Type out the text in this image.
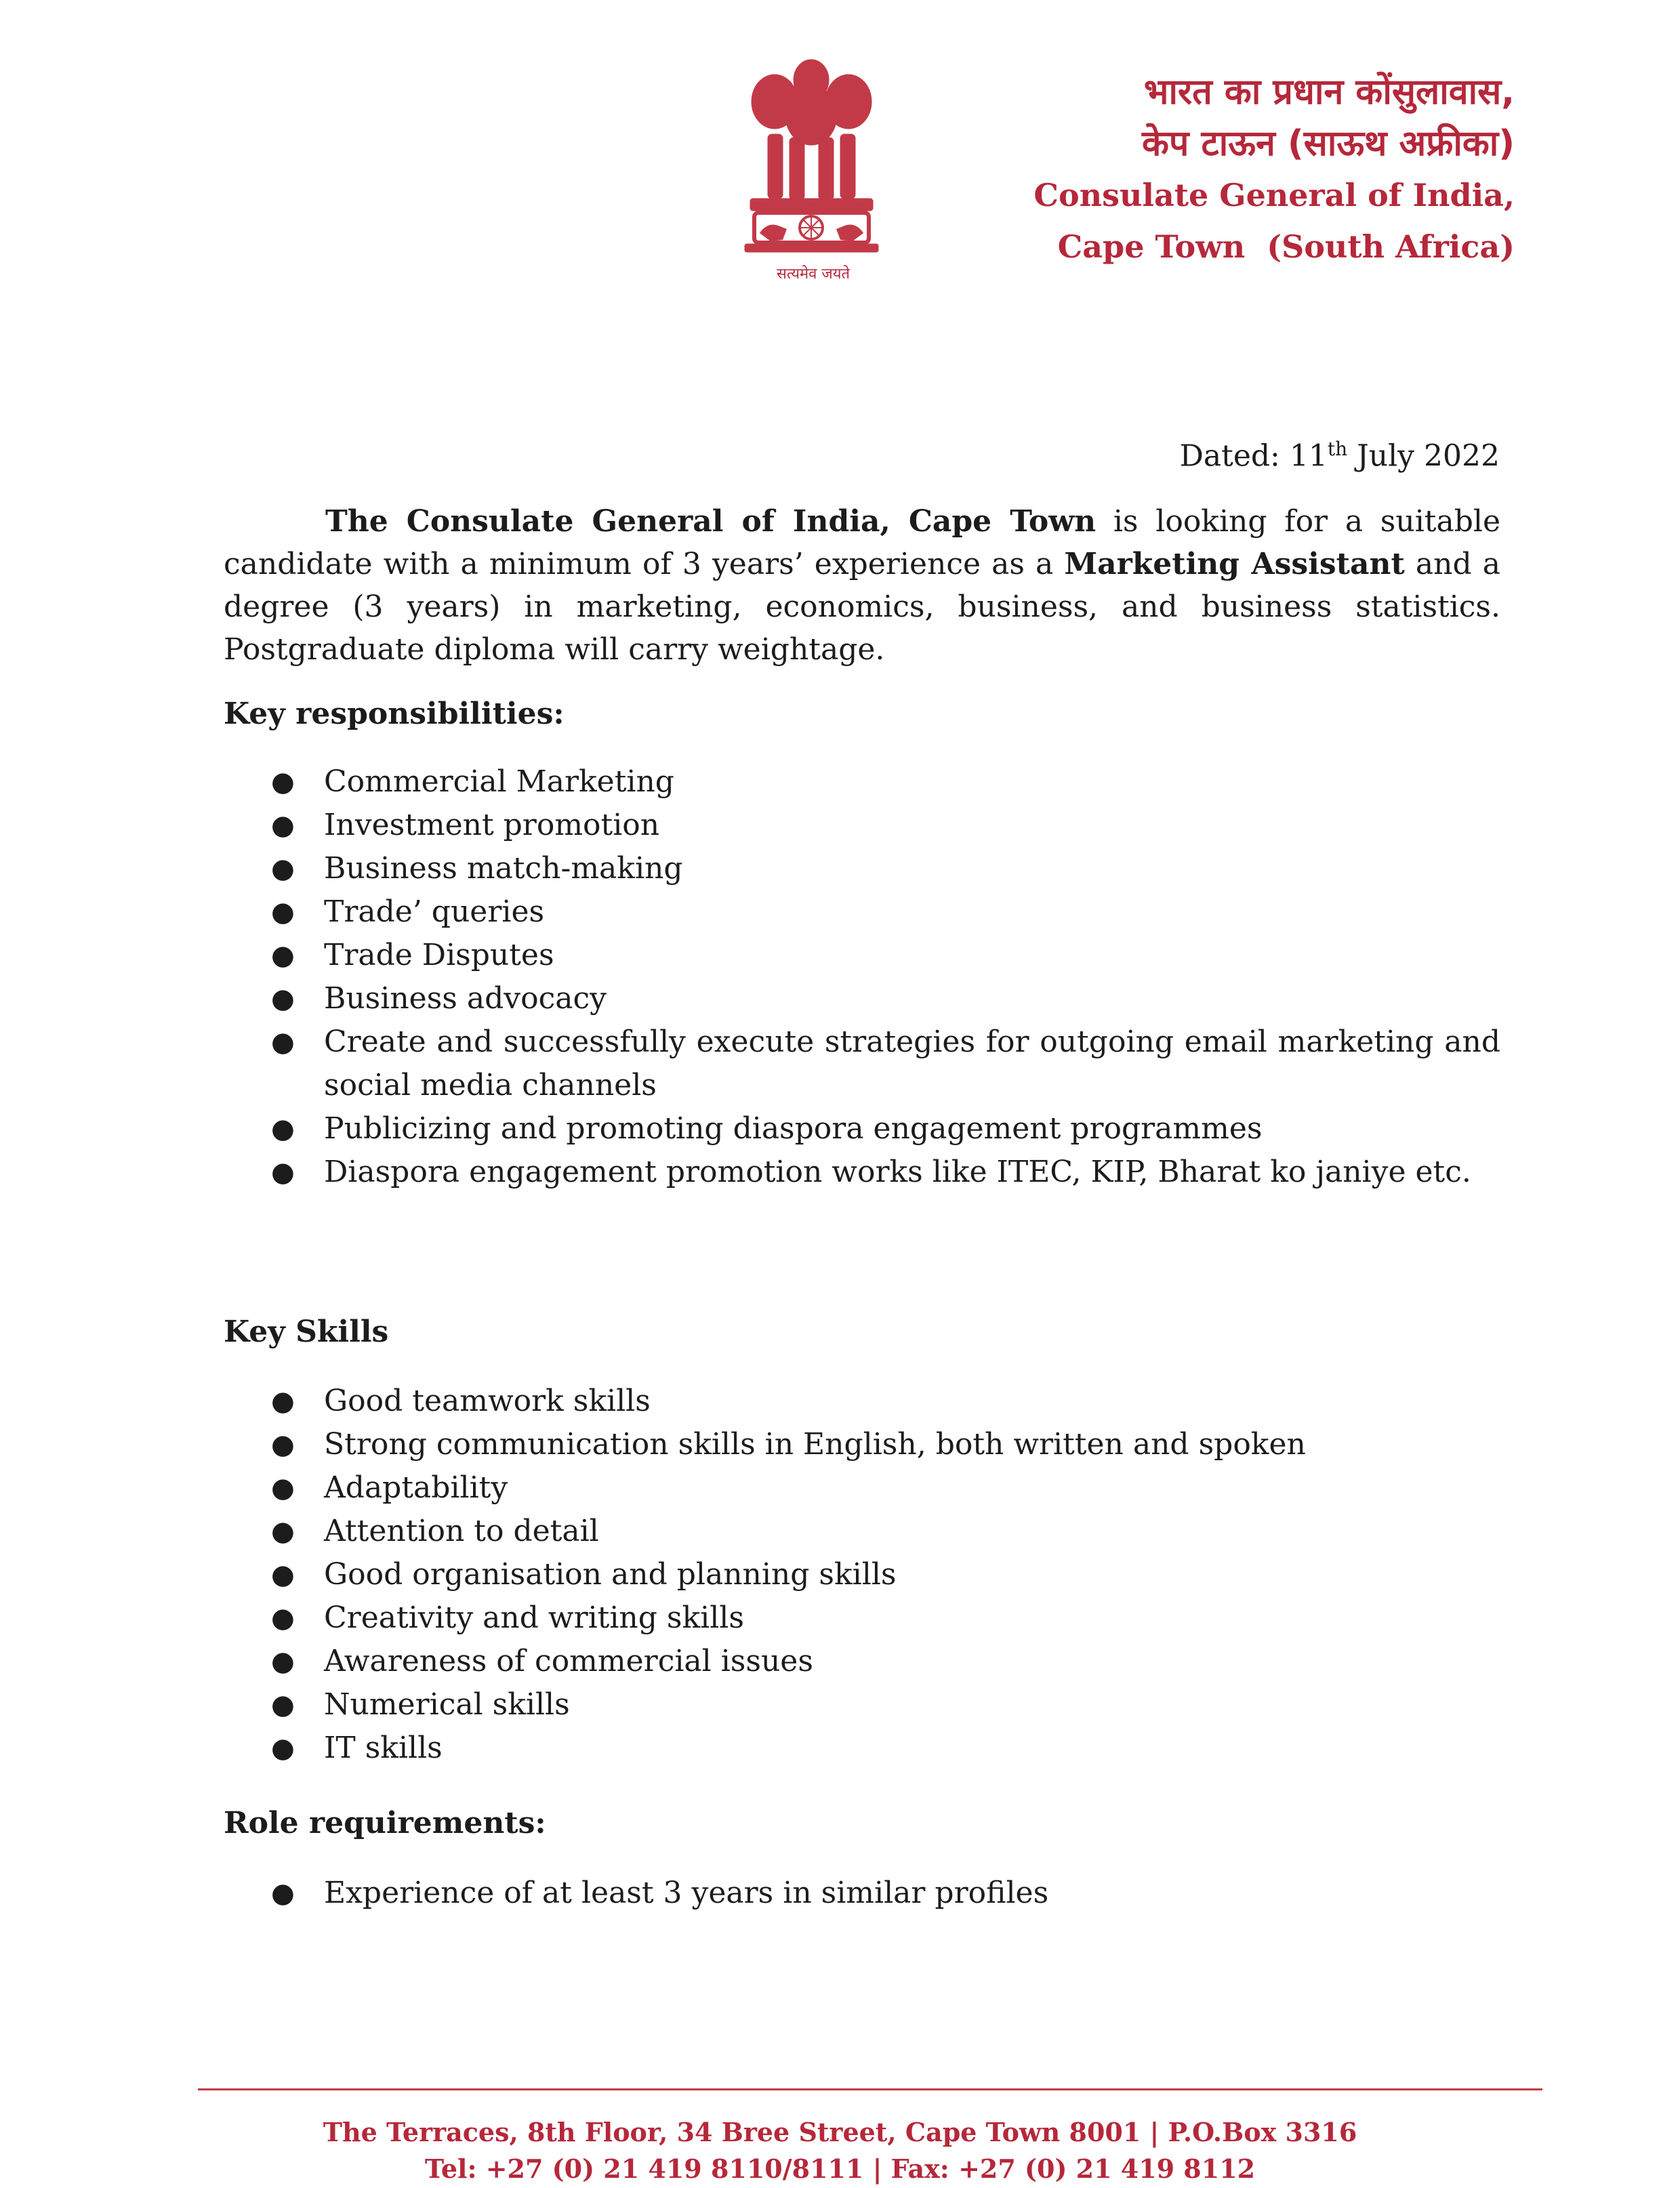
सत्यमेव जयते
भारत का प्रधान कोंसुलावास,
केप टाऊन (साऊथ अफ्रीका)
Consulate General of India,
Cape Town  (South Africa)
Dated: 11th July 2022

The Consulate General of India, Cape Town is looking for a suitable candidate with a minimum of 3 years’ experience as a Marketing Assistant and a degree (3 years) in marketing, economics, business, and business statistics. Postgraduate diploma will carry weightage.

Key responsibilities:
● Commercial Marketing
● Investment promotion
● Business match-making
● Trade’ queries
● Trade Disputes
● Business advocacy
● Create and successfully execute strategies for outgoing email marketing and social media channels
● Publicizing and promoting diaspora engagement programmes
● Diaspora engagement promotion works like ITEC, KIP, Bharat ko janiye etc.
Key Skills
● Good teamwork skills
● Strong communication skills in English, both written and spoken
● Adaptability
● Attention to detail
● Good organisation and planning skills
● Creativity and writing skills
● Awareness of commercial issues
● Numerical skills
● IT skills
Role requirements:
● Experience of at least 3 years in similar profiles
The Terraces, 8th Floor, 34 Bree Street, Cape Town 8001 | P.O.Box 3316
Tel: +27 (0) 21 419 8110/8111 | Fax: +27 (0) 21 419 8112
